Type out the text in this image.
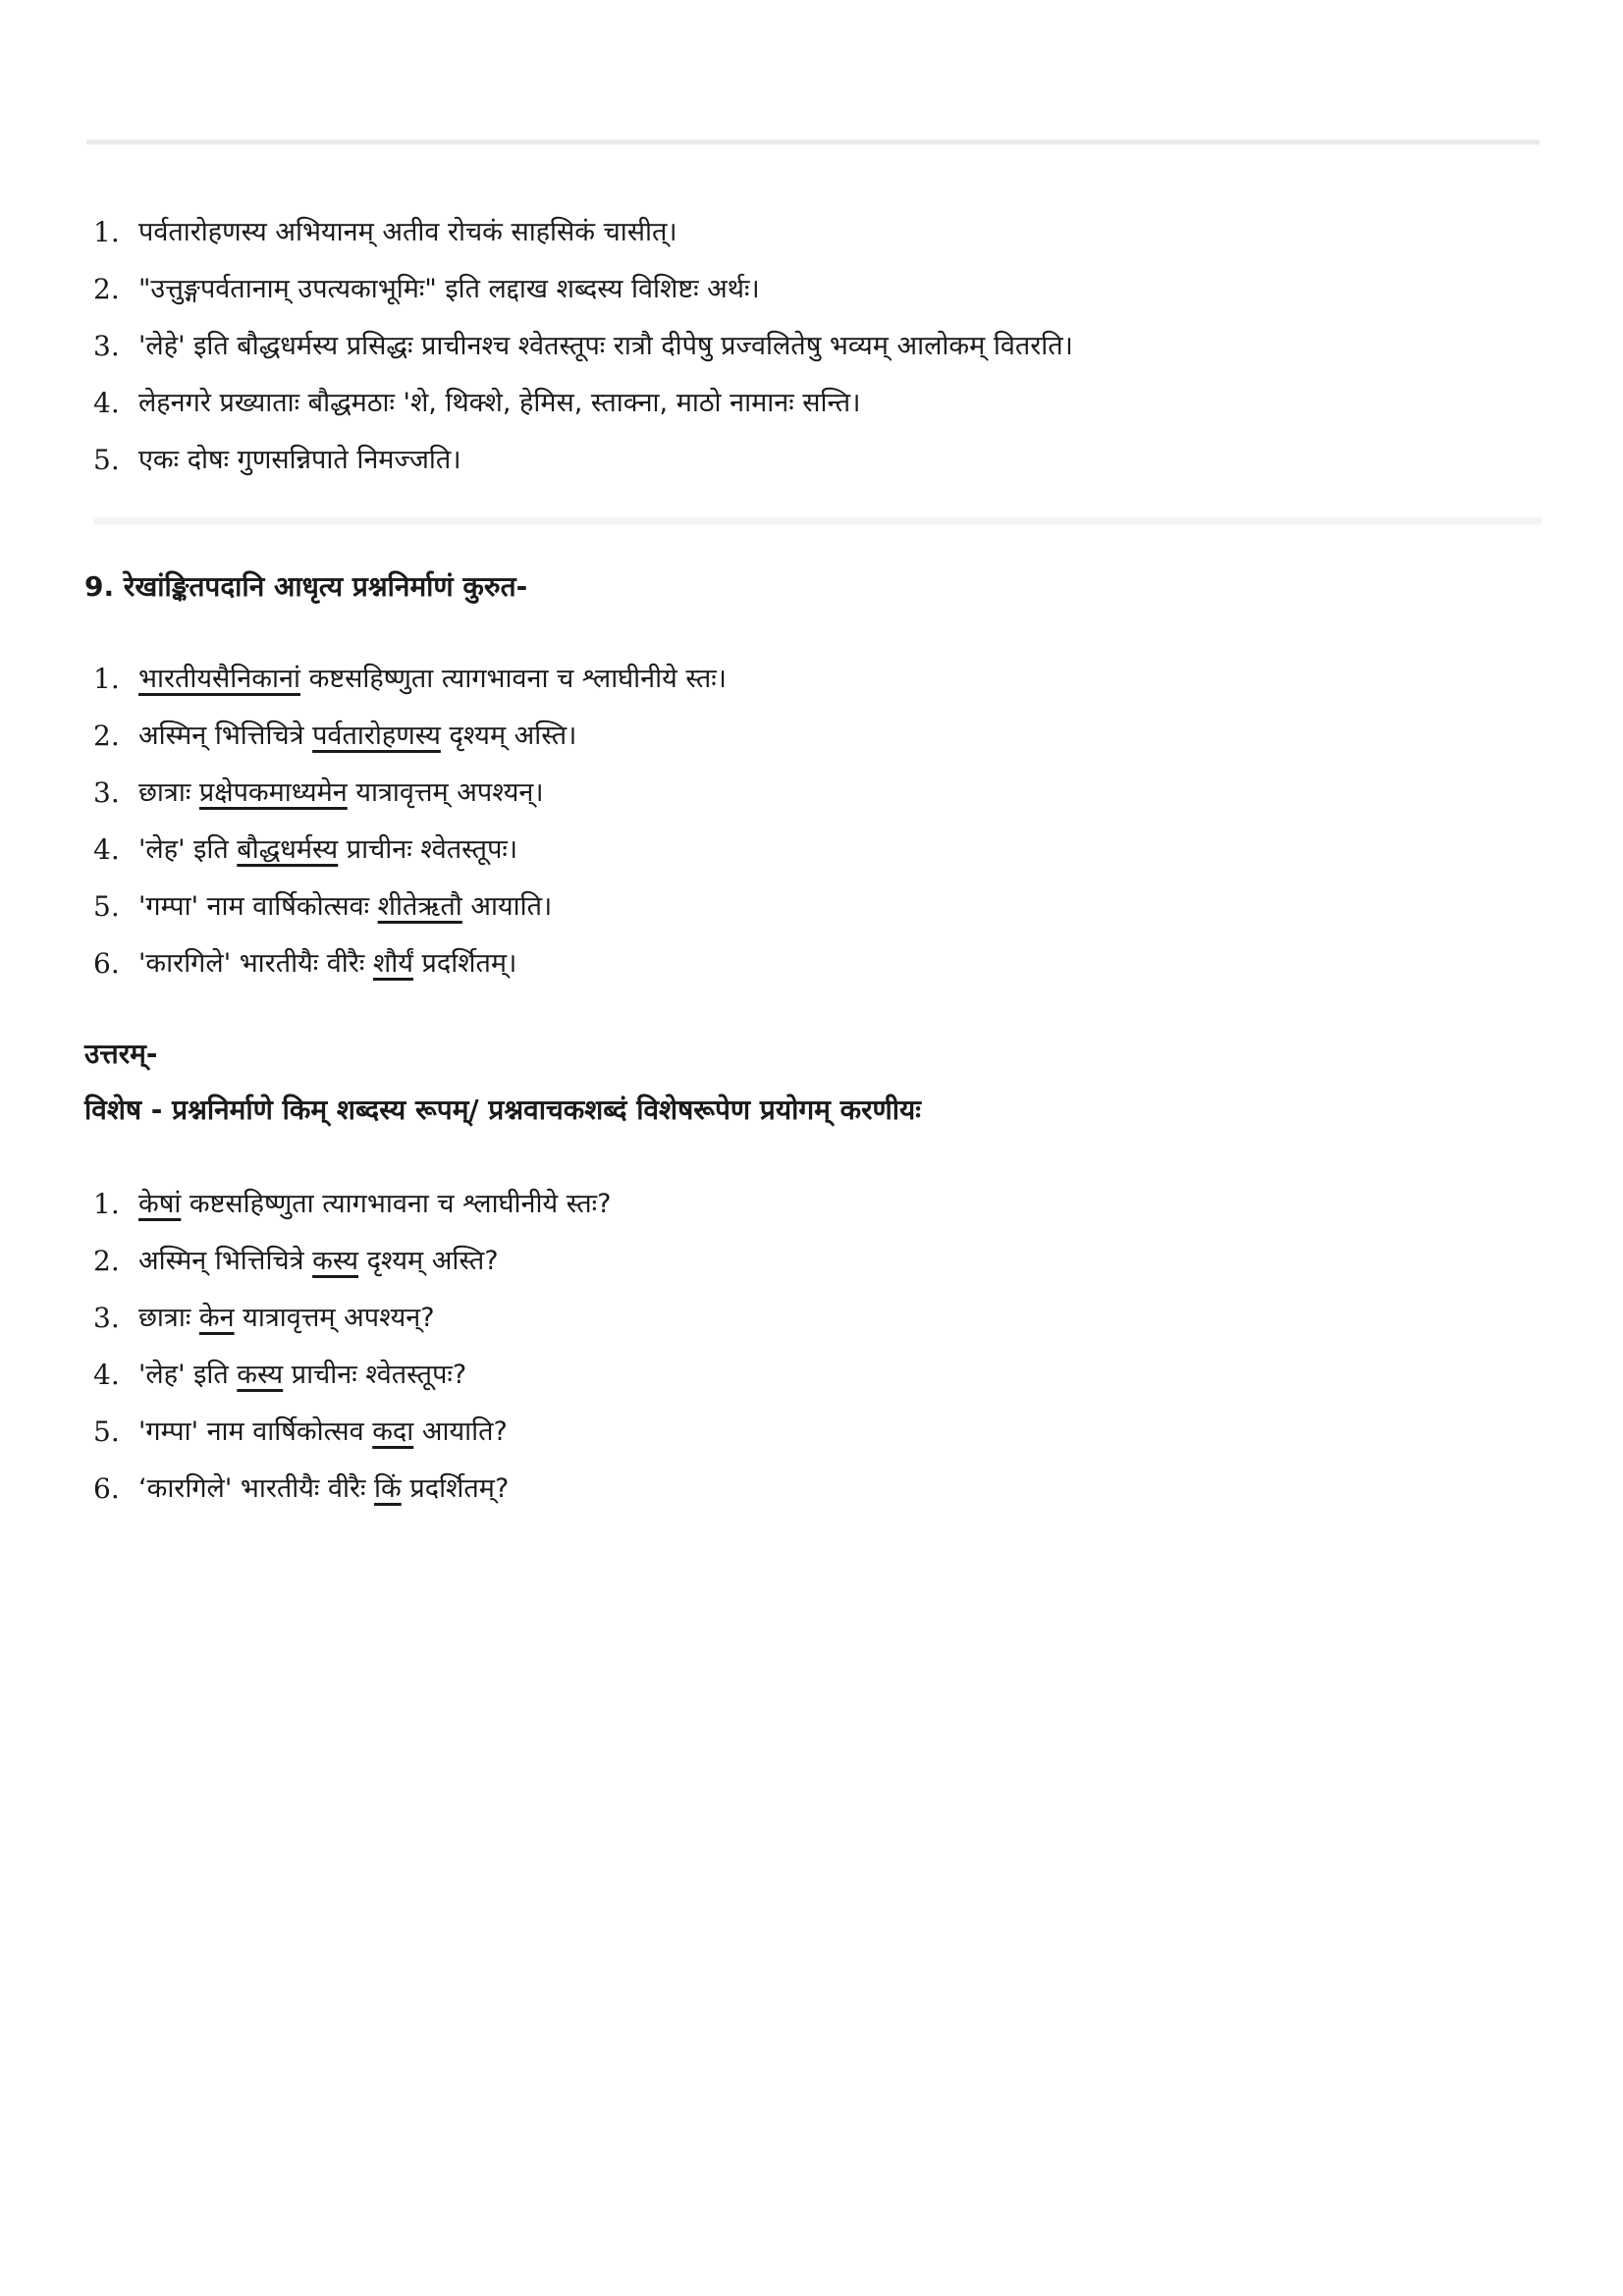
1. पर्वतारोहणस्य अभियानम् अतीव रोचकं साहसिकं चासीत्।
2. "उत्तुङ्गपर्वतानाम् उपत्यकाभूमिः" इति लद्दाख शब्दस्य विशिष्टः अर्थः।
3. 'लेहे' इति बौद्धधर्मस्य प्रसिद्धः प्राचीनश्च श्वेतस्तूपः रात्रौ दीपेषु प्रज्वलितेषु भव्यम् आलोकम् वितरति।
4. लेहनगरे प्रख्याताः बौद्धमठाः 'शे, थिक्शे, हेमिस, स्ताक्ना, माठो नामानः सन्ति।
5. एकः दोषः गुणसन्निपाते निमज्जति।
9. रेखांङ्कितपदानि आधृत्य प्रश्ननिर्माणं कुरुत-
1. भारतीयसैनिकानां कष्टसहिष्णुता त्यागभावना च श्लाघीनीये स्तः।
2. अस्मिन् भित्तिचित्रे पर्वतारोहणस्य दृश्यम् अस्ति।
3. छात्राः प्रक्षेपकमाध्यमेन यात्रावृत्तम् अपश्यन्।
4. 'लेह' इति बौद्धधर्मस्य प्राचीनः श्वेतस्तूपः।
5. 'गम्पा' नाम वार्षिकोत्सवः शीतेऋतौ आयाति।
6. 'कारगिले' भारतीयैः वीरैः शौर्यं प्रदर्शितम्।
उत्तरम्-
विशेष - प्रश्ननिर्माणे किम् शब्दस्य रूपम्/ प्रश्नवाचकशब्दं विशेषरूपेण प्रयोगम् करणीयः
1. केषां कष्टसहिष्णुता त्यागभावना च श्लाघीनीये स्तः?
2. अस्मिन् भित्तिचित्रे कस्य दृश्यम् अस्ति?
3. छात्राः केन यात्रावृत्तम् अपश्यन्?
4. 'लेह' इति कस्य प्राचीनः श्वेतस्तूपः?
5. 'गम्पा' नाम वार्षिकोत्सव कदा आयाति?
6. ‘कारगिले' भारतीयैः वीरैः किं प्रदर्शितम्?
